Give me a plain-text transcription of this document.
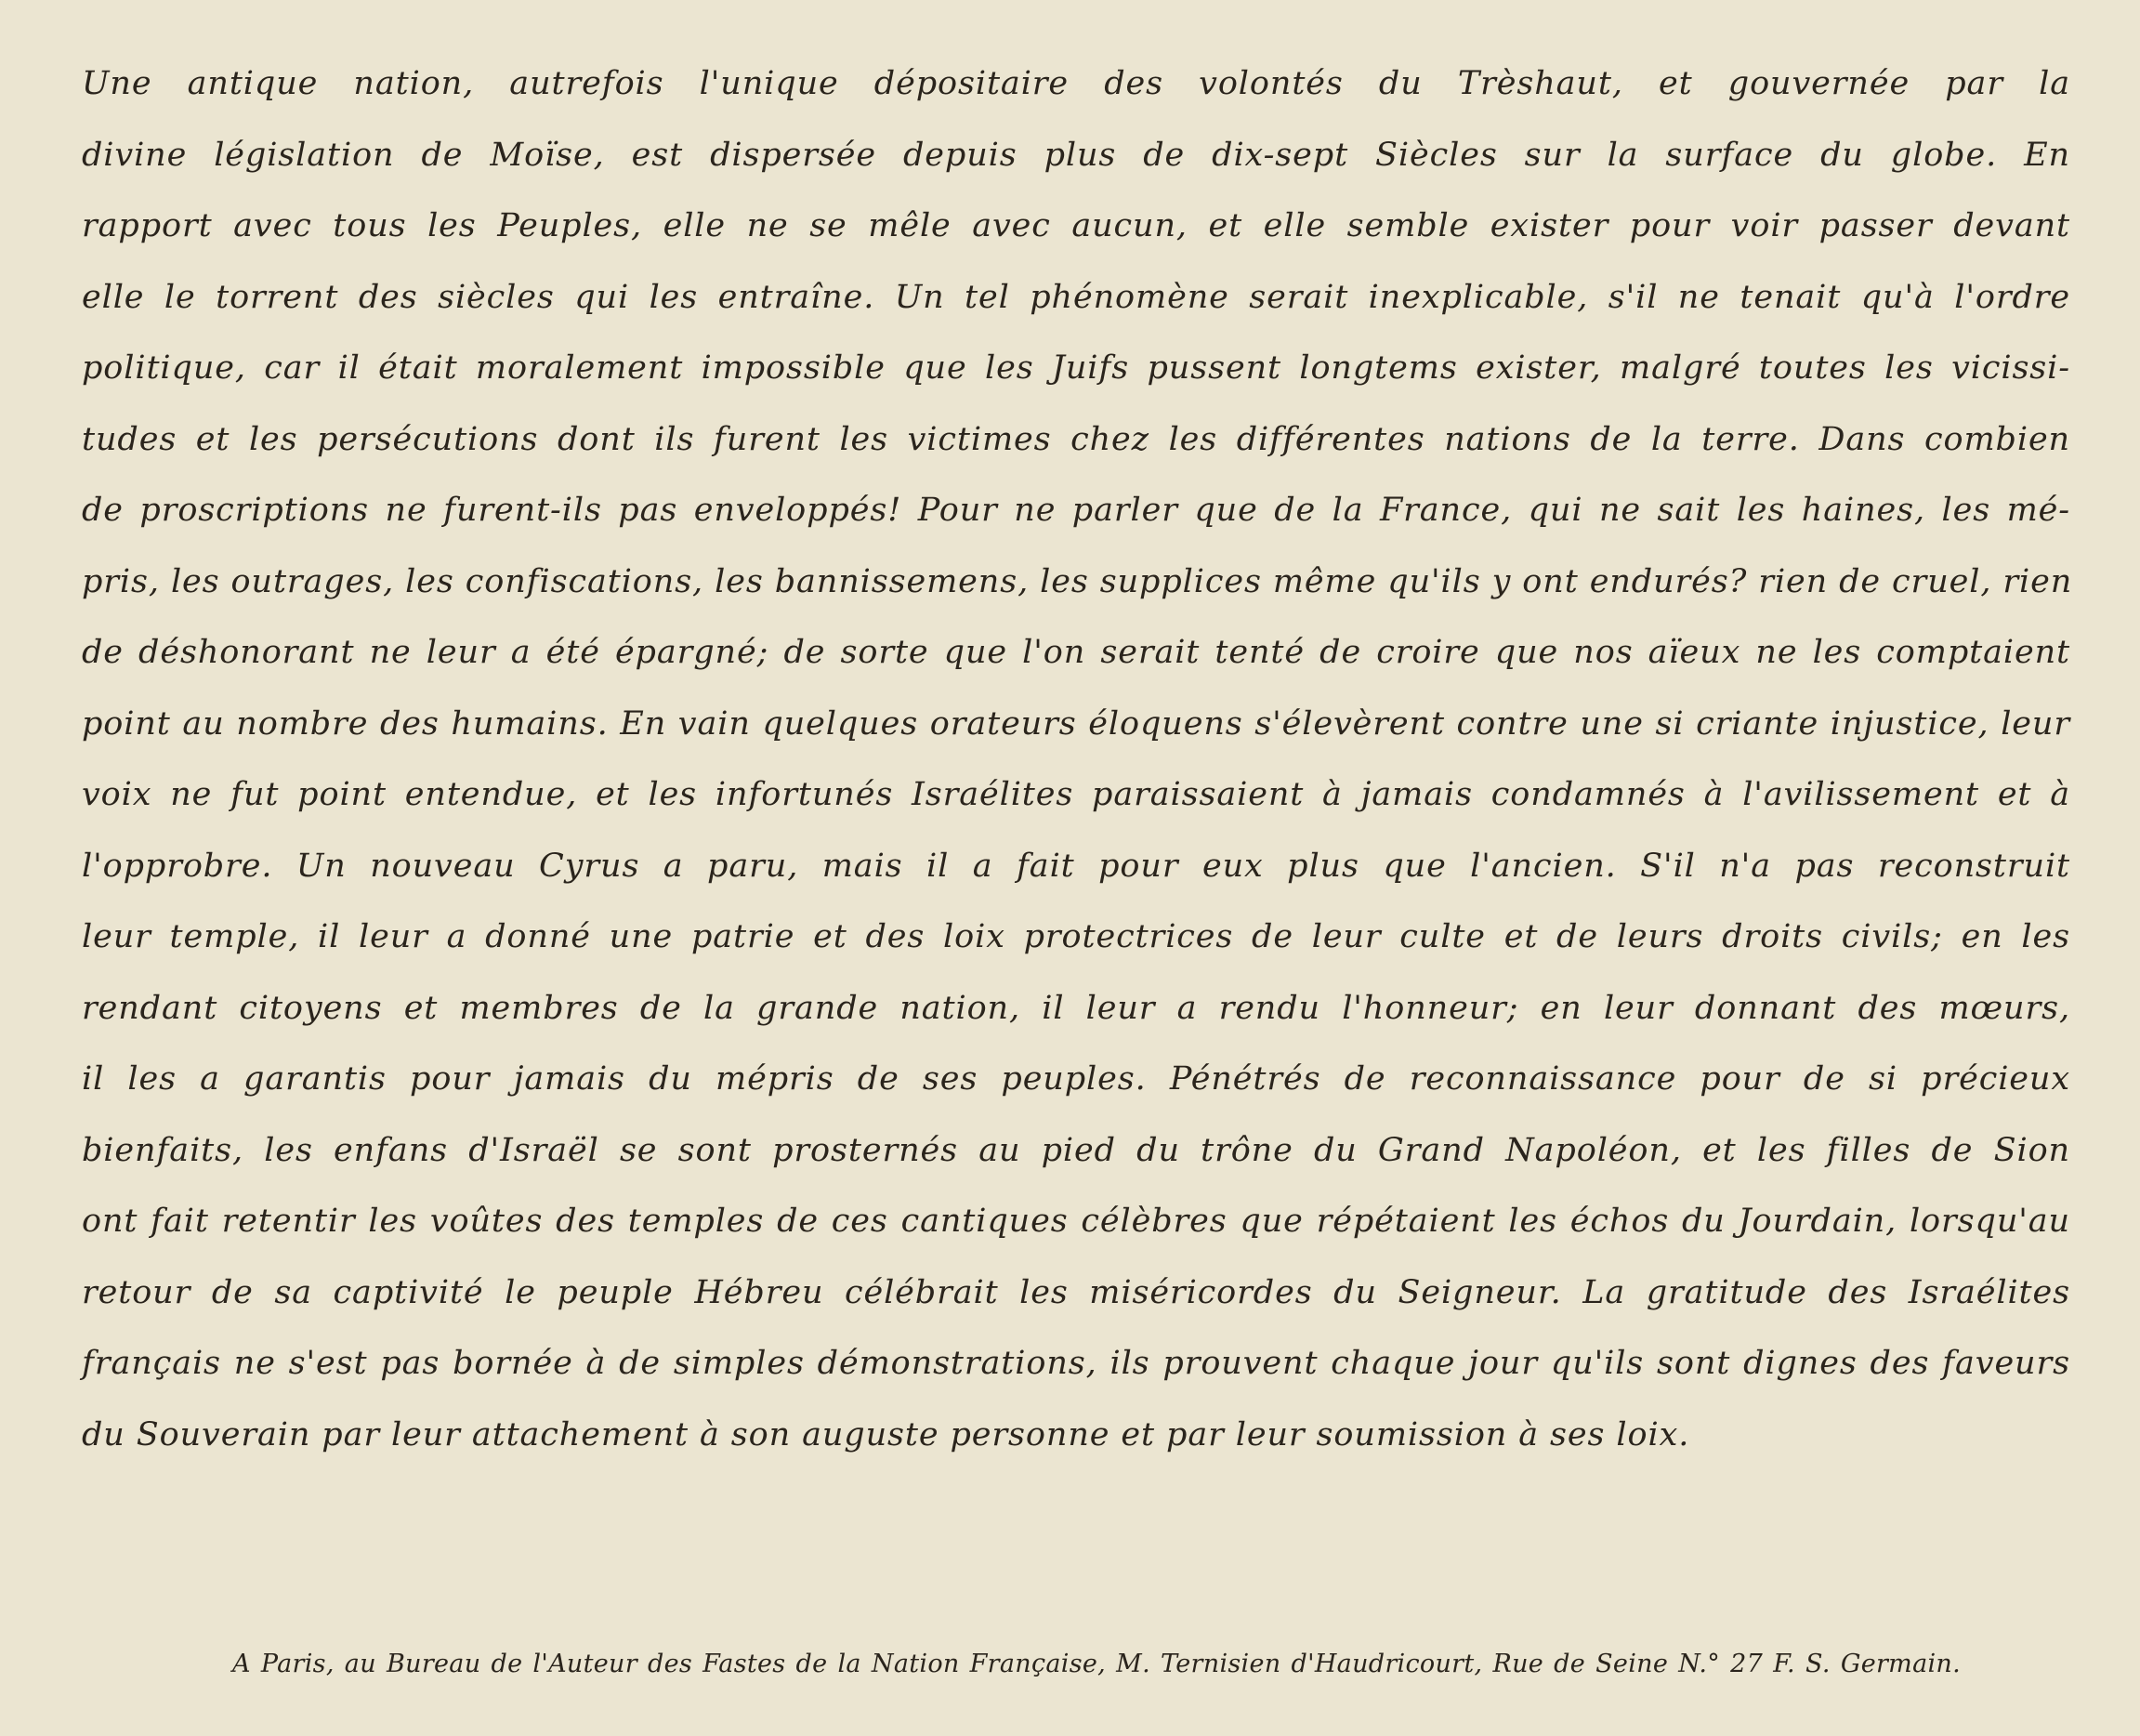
Une antique nation, autrefois l'unique dépositaire des volontés du Trèshaut, et gouvernée par la
divine législation de Moïse, est dispersée depuis plus de dix-sept Siècles sur la surface du globe. En
rapport avec tous les Peuples, elle ne se mêle avec aucun, et elle semble exister pour voir passer devant
elle le torrent des siècles qui les entraîne. Un tel phénomène serait inexplicable, s'il ne tenait qu'à l'ordre
politique, car il était moralement impossible que les Juifs pussent longtems exister, malgré toutes les vicissi-
tudes et les persécutions dont ils furent les victimes chez les différentes nations de la terre. Dans combien
de proscriptions ne furent-ils pas enveloppés! Pour ne parler que de la France, qui ne sait les haines, les mé-
pris, les outrages, les confiscations, les bannissemens, les supplices même qu'ils y ont endurés? rien de cruel, rien
de déshonorant ne leur a été épargné; de sorte que l'on serait tenté de croire que nos aïeux ne les comptaient
point au nombre des humains. En vain quelques orateurs éloquens s'élevèrent contre une si criante injustice, leur
voix ne fut point entendue, et les infortunés Israélites paraissaient à jamais condamnés à l'avilissement et à
l'opprobre. Un nouveau Cyrus a paru, mais il a fait pour eux plus que l'ancien. S'il n'a pas reconstruit
leur temple, il leur a donné une patrie et des loix protectrices de leur culte et de leurs droits civils; en les
rendant citoyens et membres de la grande nation, il leur a rendu l'honneur; en leur donnant des mœurs,
il les a garantis pour jamais du mépris de ses peuples. Pénétrés de reconnaissance pour de si précieux
bienfaits, les enfans d'Israël se sont prosternés au pied du trône du Grand Napoléon, et les filles de Sion
ont fait retentir les voûtes des temples de ces cantiques célèbres que répétaient les échos du Jourdain, lorsqu'au
retour de sa captivité le peuple Hébreu célébrait les miséricordes du Seigneur. La gratitude des Israélites
français ne s'est pas bornée à de simples démonstrations, ils prouvent chaque jour qu'ils sont dignes des faveurs
du Souverain par leur attachement à son auguste personne et par leur soumission à ses loix.

A Paris, au Bureau de l'Auteur des Fastes de la Nation Française, M. Ternisien d'Haudricourt, Rue de Seine N.° 27 F. S. Germain.
